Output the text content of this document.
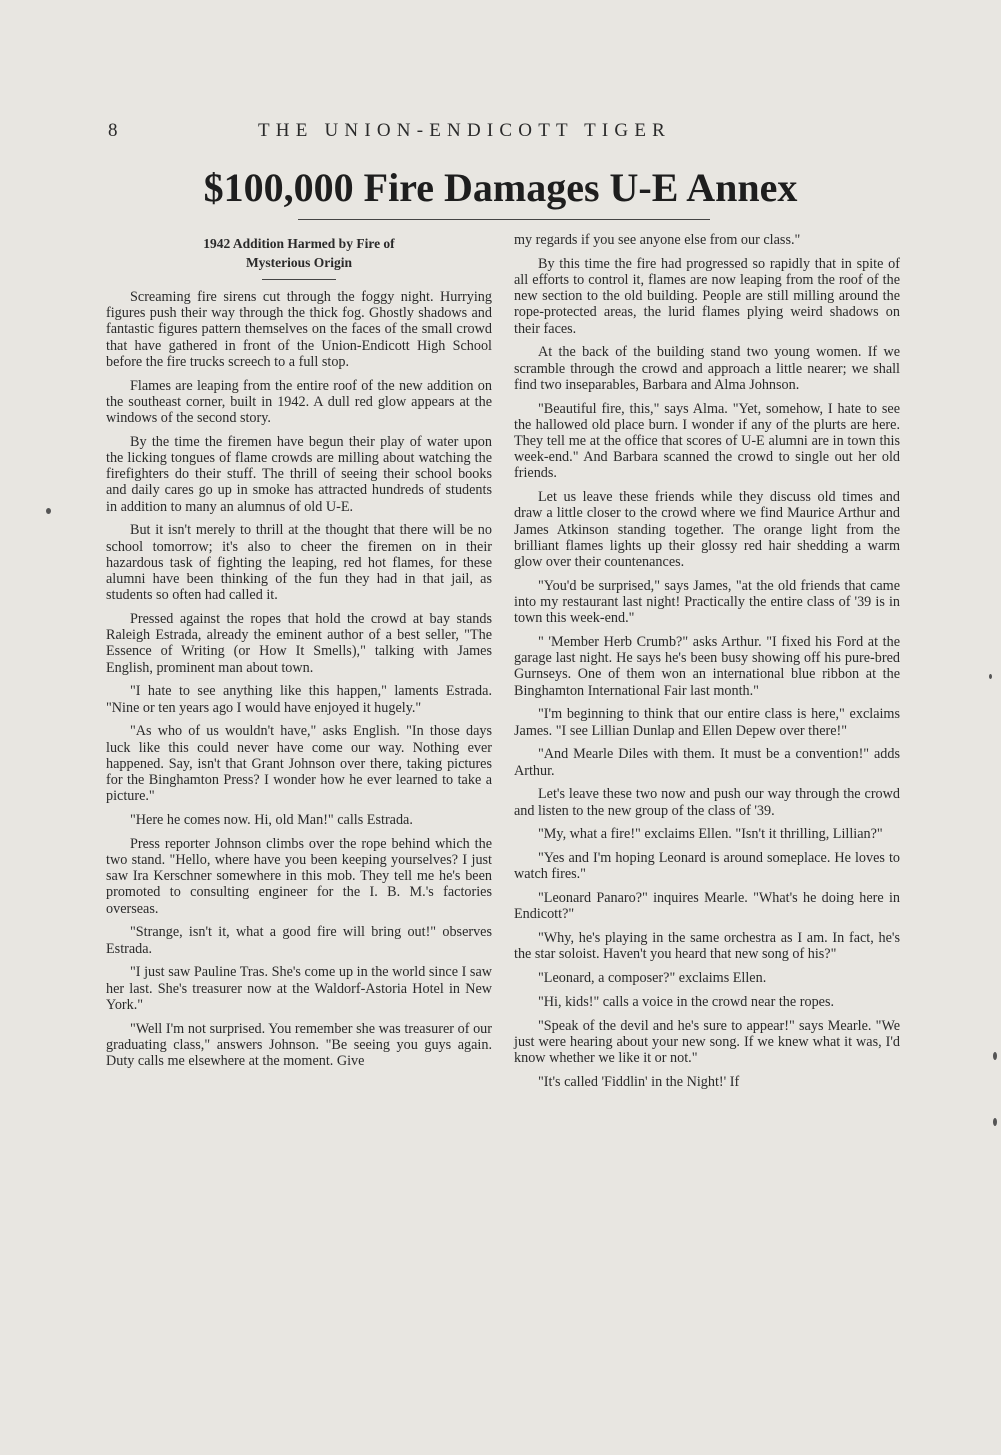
8	THE UNION-ENDICOTT TIGER
$100,000 Fire Damages U-E Annex
1942 Addition Harmed by Fire of
Mysterious Origin

Screaming fire sirens cut through the foggy night. Hurrying figures push their way through the thick fog. Ghostly shadows and fantastic figures pattern themselves on the faces of the small crowd that have gathered in front of the Union-Endicott High School before the fire trucks screech to a full stop.

Flames are leaping from the entire roof of the new addition on the southeast corner, built in 1942. A dull red glow appears at the windows of the second story.

By the time the firemen have begun their play of water upon the licking tongues of flame crowds are milling about watching the firefighters do their stuff. The thrill of seeing their school books and daily cares go up in smoke has attracted hundreds of students in addition to many an alumnus of old U-E.

But it isn't merely to thrill at the thought that there will be no school tomorrow; it's also to cheer the firemen on in their hazardous task of fighting the leaping, red hot flames, for these alumni have been thinking of the fun they had in that jail, as students so often had called it.

Pressed against the ropes that hold the crowd at bay stands Raleigh Estrada, already the eminent author of a best seller, "The Essence of Writing (or How It Smells)," talking with James English, prominent man about town.

"I hate to see anything like this happen," laments Estrada. "Nine or ten years ago I would have enjoyed it hugely."

"As who of us wouldn't have," asks English. "In those days luck like this could never have come our way. Nothing ever happened. Say, isn't that Grant Johnson over there, taking pictures for the Binghamton Press? I wonder how he ever learned to take a picture."

"Here he comes now. Hi, old Man!" calls Estrada.

Press reporter Johnson climbs over the rope behind which the two stand. "Hello, where have you been keeping yourselves? I just saw Ira Kerschner somewhere in this mob. They tell me he's been promoted to consulting engineer for the I. B. M.'s factories overseas.

"Strange, isn't it, what a good fire will bring out!" observes Estrada.

"I just saw Pauline Tras. She's come up in the world since I saw her last. She's treasurer now at the Waldorf-Astoria Hotel in New York."

"Well I'm not surprised. You remember she was treasurer of our graduating class," answers Johnson. "Be seeing you guys again. Duty calls me elsewhere at the moment. Give

my regards if you see anyone else from our class."

By this time the fire had progressed so rapidly that in spite of all efforts to control it, flames are now leaping from the roof of the new section to the old building. People are still milling around the rope-protected areas, the lurid flames plying weird shadows on their faces.

At the back of the building stand two young women. If we scramble through the crowd and approach a little nearer; we shall find two inseparables, Barbara and Alma Johnson.

"Beautiful fire, this," says Alma. "Yet, somehow, I hate to see the hallowed old place burn. I wonder if any of the plurts are here. They tell me at the office that scores of U-E alumni are in town this week-end." And Barbara scanned the crowd to single out her old friends.

Let us leave these friends while they discuss old times and draw a little closer to the crowd where we find Maurice Arthur and James Atkinson standing together. The orange light from the brilliant flames lights up their glossy red hair shedding a warm glow over their countenances.

"You'd be surprised," says James, "at the old friends that came into my restaurant last night! Practically the entire class of '39 is in town this week-end."

" 'Member Herb Crumb?" asks Arthur. "I fixed his Ford at the garage last night. He says he's been busy showing off his pure-bred Gurnseys. One of them won an international blue ribbon at the Binghamton International Fair last month."

"I'm beginning to think that our entire class is here," exclaims James. "I see Lillian Dunlap and Ellen Depew over there!"

"And Mearle Diles with them. It must be a convention!" adds Arthur.

Let's leave these two now and push our way through the crowd and listen to the new group of the class of '39.

"My, what a fire!" exclaims Ellen. "Isn't it thrilling, Lillian?"

"Yes and I'm hoping Leonard is around someplace. He loves to watch fires."

"Leonard Panaro?" inquires Mearle. "What's he doing here in Endicott?"

"Why, he's playing in the same orchestra as I am. In fact, he's the star soloist. Haven't you heard that new song of his?"

"Leonard, a composer?" exclaims Ellen.

"Hi, kids!" calls a voice in the crowd near the ropes.

"Speak of the devil and he's sure to appear!" says Mearle. "We just were hearing about your new song. If we knew what it was, I'd know whether we like it or not."

"It's called 'Fiddlin' in the Night!' If
